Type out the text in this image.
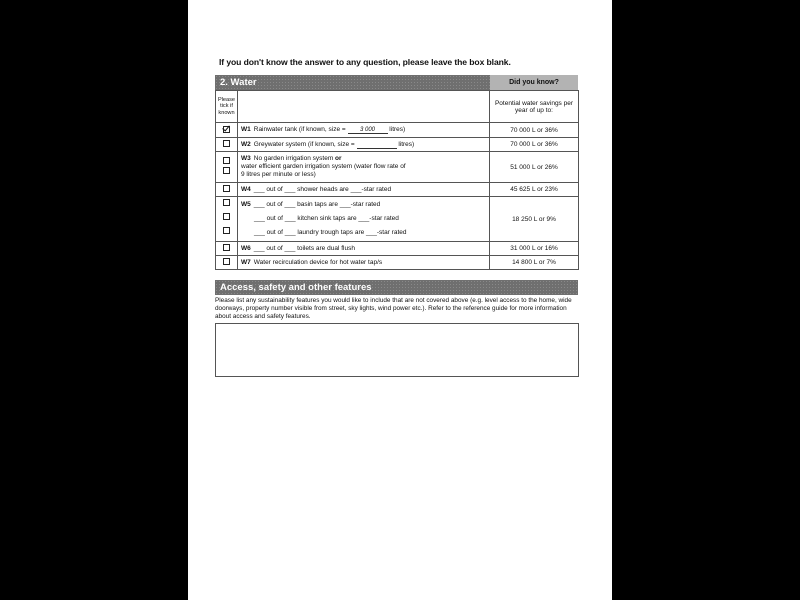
If you don't know the answer to any question, please leave the box blank.
2. Water	Did you know?
Please tick if known		Potential water savings per year of up to:
	W1 Rainwater tank (if known, size = 3 000 litres)	70 000 L or 36%
	W2 Greywater system (if known, size = litres)	70 000 L or 36%

	W3 No garden irrigation system or
water efficient garden irrigation system (water flow rate of
9 litres per minute or less)	51 000 L or 26%
	W4 ___ out of ___ shower heads are ___-star rated	45 625 L or 23%

	W5 ___ out of ___ basin taps are ___-star rated
___ out of ___ kitchen sink taps are ___-star rated
___ out of ___ laundry trough taps are ___-star rated	18 250 L or 9%
	W6 ___ out of ___ toilets are dual flush	31 000 L or 16%
	W7 Water recirculation device for hot water tap/s	14 800 L or 7%
Access, safety and other features
Please list any sustainability features you would like to include that are not covered above (e.g. level access to the home, wide doorways, property number visible from street, sky lights, wind power etc.). Refer to the reference guide for more information about access and safety features.
